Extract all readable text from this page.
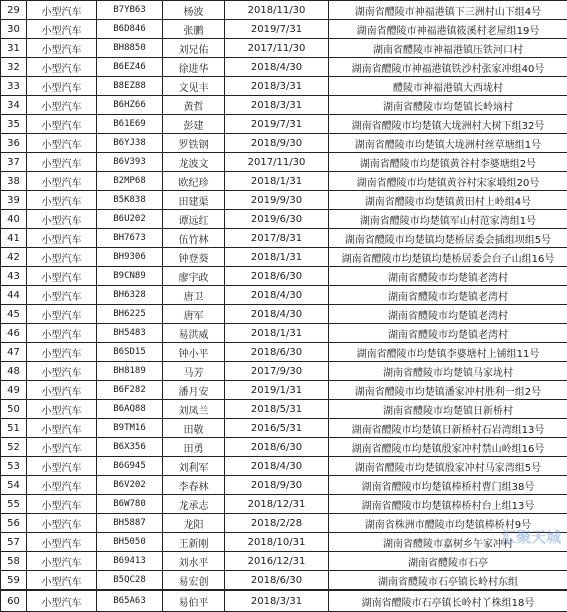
29	小型汽车	B7YB63	杨波	2018/11/30	湖南省醴陵市神福港镇下三洲村山下组4号
30	小型汽车	B6D846	张鹏	2019/7/31	湖南省醴陵市神福港镇筱溪村老屋组19号
31	小型汽车	BH8850	刘兄佑	2017/11/30	湖南省醴陵市神福港镇压铁河口村
32	小型汽车	B6EZ46	徐进华	2018/4/30	湖南省醴陵市神福港镇铁沙村张家冲组40号
33	小型汽车	B8EZ88	文见丰	2018/3/31	醴陵市神福港镇大西垅村
34	小型汽车	B6HZ66	黄哲	2018/3/31	湖南省醴陵市均楚镇长岭垴村
35	小型汽车	B61E69	彭建	2019/7/31	湖南省醴陵市均楚镇大垅洲村大树下组32号
36	小型汽车	B6YJ38	罗铁钢	2018/9/30	湖南省醴陵市均楚镇大垅洲村丝草塘组1号
37	小型汽车	B6V393	龙波文	2017/11/30	湖南省醴陵市均楚镇黄谷村李婆塘组2号
38	小型汽车	B2MP68	欧纪珍	2018/1/31	湖南省醴陵市均楚镇黄谷村宋家塅组20号
39	小型汽车	B5K838	田建渠	2019/9/30	湖南省醴陵市均楚镇黄田村上岭组4号
40	小型汽车	B6U202	谭远红	2019/6/30	湖南省醴陵市均楚镇军山村范家湾组1号
41	小型汽车	BH7673	伍竹林	2017/8/31	湖南省醴陵市均楚镇均楚桥居委会插组坝组5号
42	小型汽车	BH9306	钟登葵	2018/1/31	湖南省醴陵市均楚镇均楚桥居委会台子山组16号
43	小型汽车	B9CN89	廖宇政	2018/6/30	湖南省醴陵市均楚镇老湾村
44	小型汽车	BH6328	唐卫	2018/4/30	湖南省醴陵市均楚镇老湾村
45	小型汽车	BH6225	唐军	2018/4/30	湖南省醴陵市均楚镇老湾村
46	小型汽车	BH5483	易洪威	2018/1/31	湖南省醴陵市均楚镇老湾村
47	小型汽车	B6SD15	钟小平	2018/6/30	湖南省醴陵市均楚镇李婆塘村上铺组11号
48	小型汽车	BH8189	马芳	2017/9/30	湖南省醴陵市均楚镇马家垅村
49	小型汽车	B6F282	潘月安	2019/1/31	湖南省醴陵市均楚镇潘家冲村胜利一组2号
50	小型汽车	B6AQ88	刘凤兰	2018/5/31	湖南省醴陵市均楚镇日新桥村
51	小型汽车	B9TM16	田敬	2016/5/31	湖南省醴陵市均楚镇日新桥村石岩湾组13号
52	小型汽车	B6X356	田勇	2018/6/30	湖南省醴陵市均楚镇殷家冲村禁山岭组16号
53	小型汽车	B6G945	刘利军	2018/4/30	湖南省醴陵市均楚镇殷家冲村马家湾组5号
54	小型汽车	B6V202	李春林	2018/9/30	湖南省醴陵市均楚镇棒桥村曹门组38号
55	小型汽车	B6W780	龙承志	2018/12/31	湖南省醴陵市均楚镇棒桥村台上组13号
56	小型汽车	BH5887	龙阳	2018/2/28	湖南省株洲市醴陵市均楚镇棒桥村9号
57	小型汽车	BH5050	王新刚	2018/10/31	湖南省醴陵市嘉树乡午家冲村
58	小型汽车	B69413	刘水平	2016/12/31	湖南省醴陵市石亭
59	小型汽车	B5QC28	易宏创	2018/6/30	湖南省醴陵市石亭镇长岭村东组
60	小型汽车	B65A63	易伯平	2018/3/31	湖南省醴陵市石亭镇长岭村丫株组18号
汇聚天城
